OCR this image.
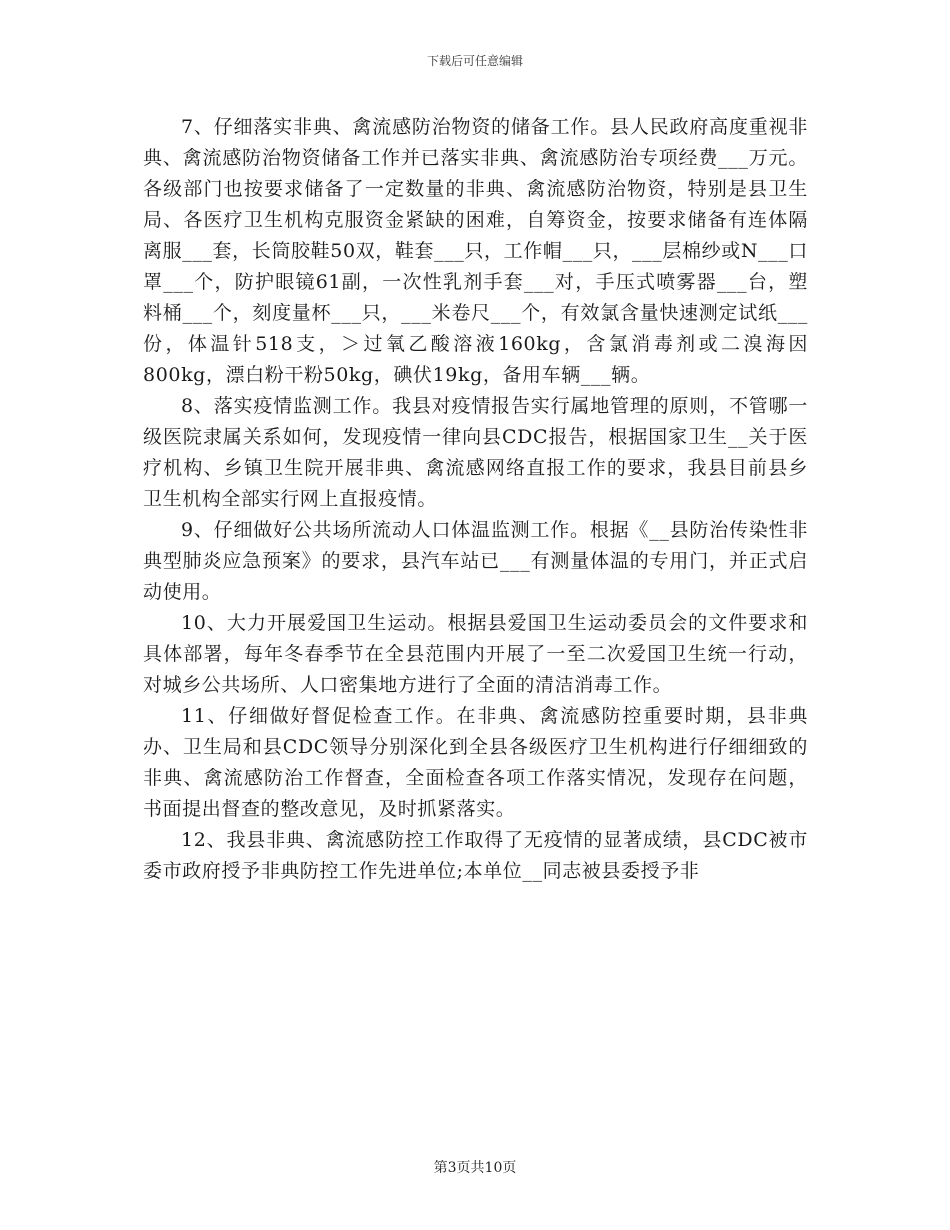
下载后可任意编辑

7、仔细落实非典、禽流感防治物资的储备工作。县人民政府高度重视非典、禽流感防治物资储备工作并已落实非典、禽流感防治专项经费___万元。各级部门也按要求储备了一定数量的非典、禽流感防治物资，特别是县卫生局、各医疗卫生机构克服资金紧缺的困难，自筹资金，按要求储备有连体隔离服___套，长筒胶鞋50双，鞋套___只，工作帽___只，___层棉纱或N___口罩___个，防护眼镜61副，一次性乳剂手套___对，手压式喷雾器___台，塑料桶___个，刻度量杯___只，___米卷尺___个，有效氯含量快速测定试纸___份，体温针518支，＞过氧乙酸溶液160kg，含氯消毒剂或二溴海因800kg，漂白粉干粉50kg，碘伏19kg，备用车辆___辆。

8、落实疫情监测工作。我县对疫情报告实行属地管理的原则，不管哪一级医院隶属关系如何，发现疫情一律向县CDC报告，根据国家卫生__关于医疗机构、乡镇卫生院开展非典、禽流感网络直报工作的要求，我县目前县乡卫生机构全部实行网上直报疫情。

9、仔细做好公共场所流动人口体温监测工作。根据《__县防治传染性非典型肺炎应急预案》的要求，县汽车站已___有测量体温的专用门，并正式启动使用。

10、大力开展爱国卫生运动。根据县爱国卫生运动委员会的文件要求和具体部署，每年冬春季节在全县范围内开展了一至二次爱国卫生统一行动，对城乡公共场所、人口密集地方进行了全面的清洁消毒工作。

11、仔细做好督促检查工作。在非典、禽流感防控重要时期，县非典办、卫生局和县CDC领导分别深化到全县各级医疗卫生机构进行仔细细致的非典、禽流感防治工作督查，全面检查各项工作落实情况，发现存在问题，书面提出督查的整改意见，及时抓紧落实。

12、我县非典、禽流感防控工作取得了无疫情的显著成绩，县CDC被市委市政府授予非典防控工作先进单位;本单位__同志被县委授予非

第3页共10页
